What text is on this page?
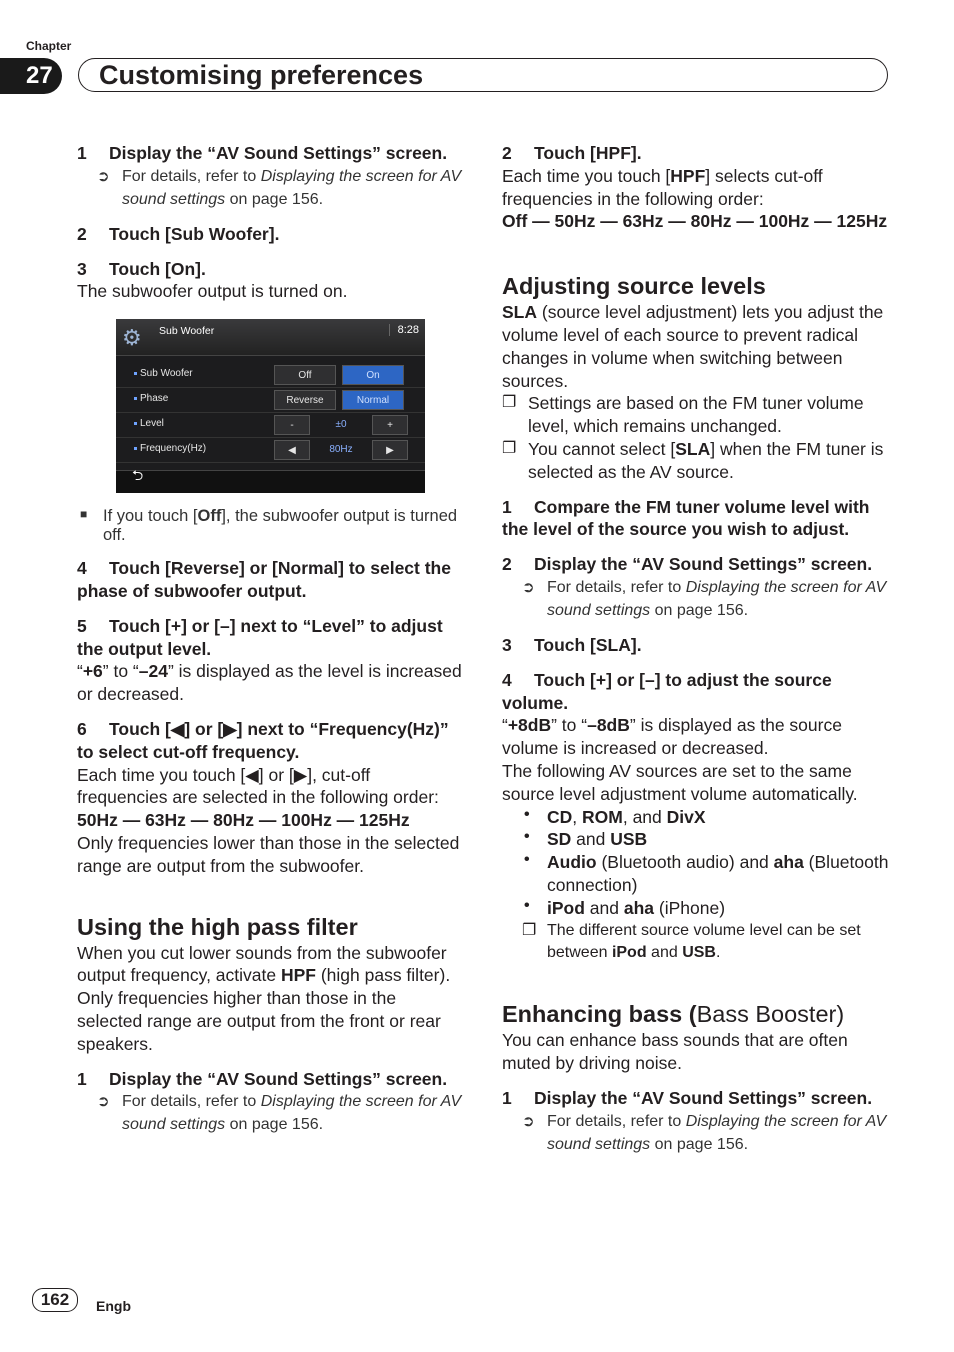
Chapter
27	Customising preferences

1 Display the “AV Sound Settings” screen.

➲ For details, refer to Displaying the screen for AV sound settings on page 156.

2 Touch [Sub Woofer].

3 Touch [On].

The subwoofer output is turned on.

⚙ Sub Woofer	8:28
Sub Woofer	Off	On
Phase	Reverse	Normal
Level	-	±0	+
Frequency(Hz)	◀	80Hz	▶
⮌
■ If you touch [Off], the subwoofer output is turned off.

4 Touch [Reverse] or [Normal] to select the phase of subwoofer output.

5 Touch [+] or [–] next to “Level” to adjust the output level.

“+6” to “–24” is displayed as the level is increased or decreased.

6 Touch [◀] or [▶] next to “Frequency(Hz)” to select cut-off frequency.

Each time you touch [◀] or [▶], cut-off frequencies are selected in the following order:

50Hz — 63Hz — 80Hz — 100Hz — 125Hz

Only frequencies lower than those in the selected range are output from the subwoofer.

Using the high pass filter

When you cut lower sounds from the subwoofer output frequency, activate HPF (high pass filter). Only frequencies higher than those in the selected range are output from the front or rear speakers.

1 Display the “AV Sound Settings” screen.

➲ For details, refer to Displaying the screen for AV sound settings on page 156.

2 Touch [HPF].

Each time you touch [HPF] selects cut-off frequencies in the following order:

Off — 50Hz — 63Hz — 80Hz — 100Hz — 125Hz

Adjusting source levels

SLA (source level adjustment) lets you adjust the volume level of each source to prevent radical changes in volume when switching between sources.

❐ Settings are based on the FM tuner volume level, which remains unchanged.

❐ You cannot select [SLA] when the FM tuner is selected as the AV source.

1 Compare the FM tuner volume level with the level of the source you wish to adjust.

2 Display the “AV Sound Settings” screen.

➲ For details, refer to Displaying the screen for AV sound settings on page 156.

3 Touch [SLA].

4 Touch [+] or [–] to adjust the source volume.

“+8dB” to “–8dB” is displayed as the source volume is increased or decreased.

The following AV sources are set to the same source level adjustment volume automatically.

• CD, ROM, and DivX

• SD and USB

• Audio (Bluetooth audio) and aha (Bluetooth connection)

• iPod and aha (iPhone)

❐ The different source volume level can be set between iPod and USB.

Enhancing bass (Bass Booster)

You can enhance bass sounds that are often muted by driving noise.

1 Display the “AV Sound Settings” screen.

➲ For details, refer to Displaying the screen for AV sound settings on page 156.
162	Engb
